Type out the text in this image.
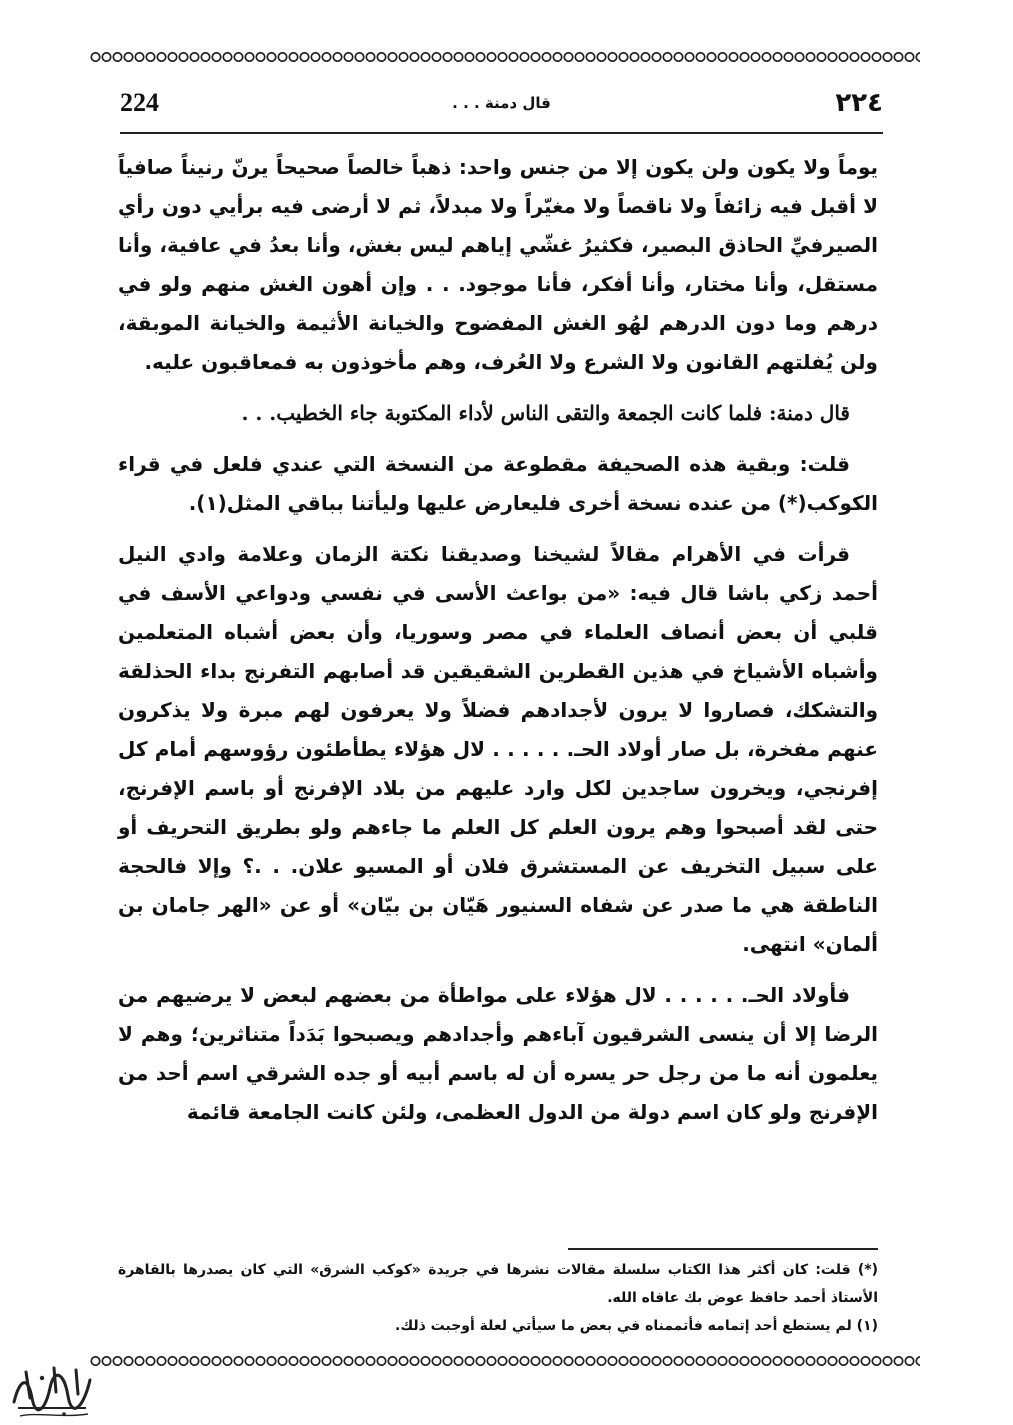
224	قال دمنة . . .	٢٢٤

يوماً ولا يكون ولن يكون إلا من جنس واحد: ذهباً خالصاً صحيحاً يرنّ رنيناً صافياً لا أقبل فيه زائفاً ولا ناقصاً ولا مغيّراً ولا مبدلاً، ثم لا أرضى فيه برأيي دون رأي الصيرفيِّ الحاذق البصير، فكثيرُ غشّي إياهم ليس بغش، وأنا بعدُ في عافية، وأنا مستقل، وأنا مختار، وأنا أفكر، فأنا موجود. . . وإن أهون الغش منهم ولو في درهم وما دون الدرهم لهُو الغش المفضوح والخيانة الأثيمة والخيانة الموبقة، ولن يُفلتهم القانون ولا الشرع ولا العُرف، وهم مأخوذون به فمعاقبون عليه.

قال دمنة: فلما كانت الجمعة والتقى الناس لأداء المكتوبة جاء الخطيب. . .

قلت: وبقية هذه الصحيفة مقطوعة من النسخة التي عندي فلعل في قراء الكوكب(*) من عنده نسخة أخرى فليعارض عليها وليأتنا بباقي المثل(١).

قرأت في الأهرام مقالاً لشيخنا وصديقنا نكتة الزمان وعلامة وادي النيل أحمد زكي باشا قال فيه: «من بواعث الأسى في نفسي ودواعي الأسف في قلبي أن بعض أنصاف العلماء في مصر وسوريا، وأن بعض أشباه المتعلمين وأشباه الأشياخ في هذين القطرين الشقيقين قد أصابهم التفرنج بداء الحذلقة والتشكك، فصاروا لا يرون لأجدادهم فضلاً ولا يعرفون لهم مبرة ولا يذكرون عنهم مفخرة، بل صار أولاد الحـ. . . . . . لال هؤلاء يطأطئون رؤوسهم أمام كل إفرنجي، ويخرون ساجدين لكل وارد عليهم من بلاد الإفرنج أو باسم الإفرنج، حتى لقد أصبحوا وهم يرون العلم كل العلم ما جاءهم ولو بطريق التحريف أو على سبيل التخريف عن المستشرق فلان أو المسيو علان. . .؟ وإلا فالحجة الناطقة هي ما صدر عن شفاه السنيور هَيّان بن بيّان» أو عن «الهر جامان بن ألمان» انتهى.

فأولاد الحـ. . . . . . لال هؤلاء على مواطأة من بعضهم لبعض لا يرضيهم من الرضا إلا أن ينسى الشرقيون آباءهم وأجدادهم ويصبحوا بَدَداً متناثرين؛ وهم لا يعلمون أنه ما من رجل حر يسره أن له باسم أبيه أو جده الشرقي اسم أحد من الإفرنج ولو كان اسم دولة من الدول العظمى، ولئن كانت الجامعة قائمة

(*) قلت: كان أكثر هذا الكتاب سلسلة مقالات نشرها في جريدة «كوكب الشرق» التي كان يصدرها بالقاهرة الأستاذ أحمد حافظ عوض بك عافاه الله.

(١) لم يستطع أحد إتمامه فأتممناه في بعض ما سيأتي لعلة أوجبت ذلك.
